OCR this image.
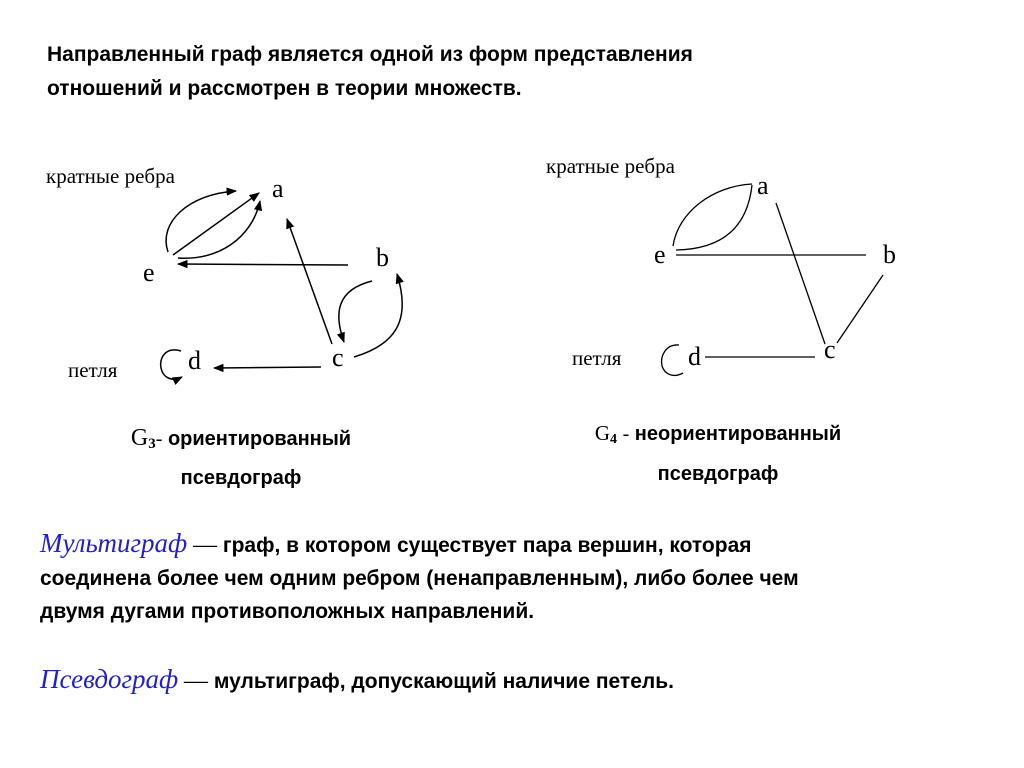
Направленный граф является одной из форм представления
отношений и рассмотрен в теории множеств.
кратные ребра	a
b
e
c
d
петля
кратные ребра
a
b
e
c
d
петля
G3- ориентированный
псевдограф
G4 - неориентированный
псевдограф
Мультиграф — граф, в котором существует пара вершин, которая
соединена более чем одним ребром (ненаправленным), либо более чем
двумя дугами противоположных направлений.
Псевдограф — мультиграф, допускающий наличие петель.
